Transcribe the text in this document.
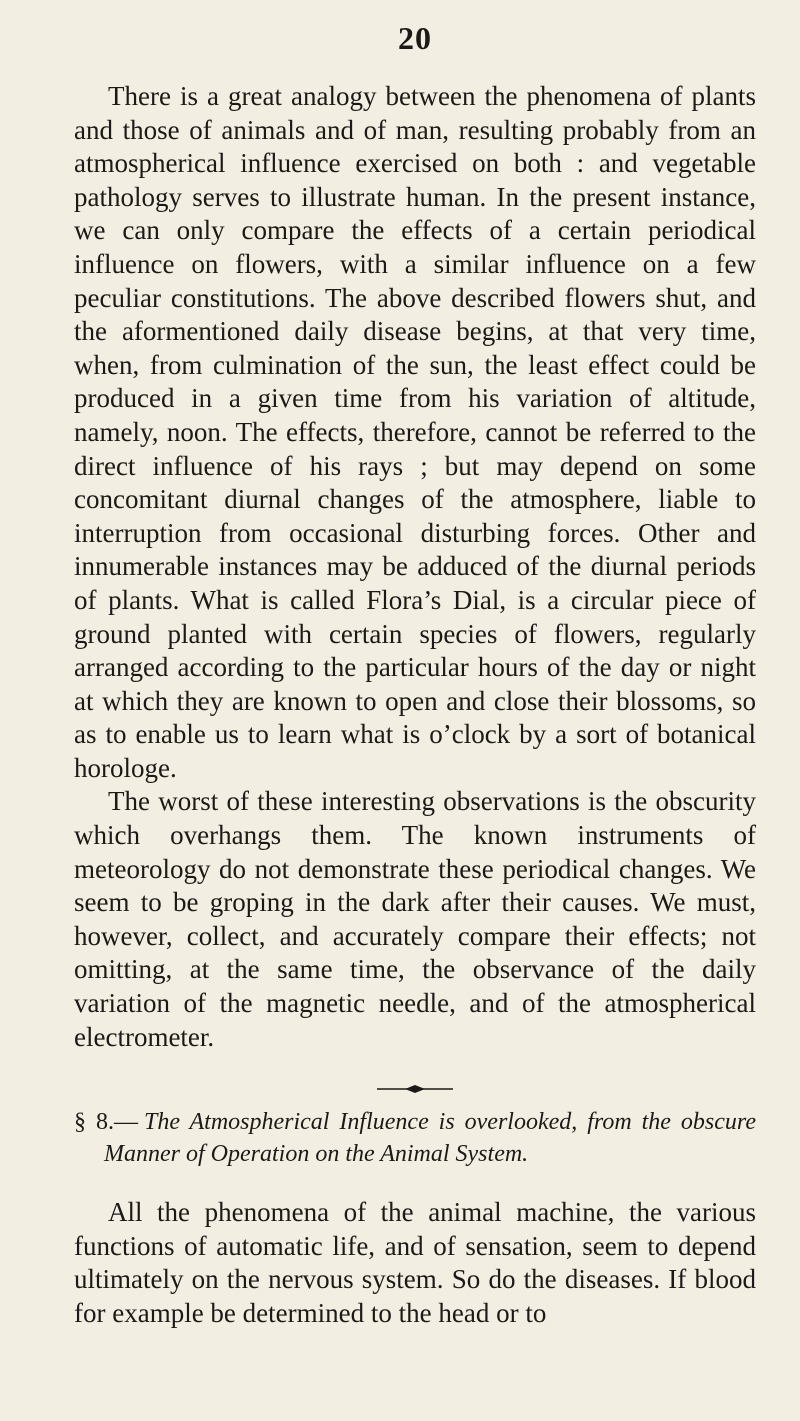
20

There is a great analogy between the phenomena of plants and those of animals and of man, resulting probably from an atmospherical influence exercised on both : and vegetable pathology serves to illustrate human. In the present instance, we can only compare the effects of a certain periodical influence on flowers, with a similar influence on a few peculiar constitutions. The above described flowers shut, and the aformentioned daily disease begins, at that very time, when, from culmination of the sun, the least effect could be produced in a given time from his variation of altitude, namely, noon. The effects, therefore, cannot be referred to the direct influence of his rays ; but may depend on some concomitant diurnal changes of the atmosphere, liable to interruption from occasional disturbing forces. Other and innumerable instances may be adduced of the diurnal periods of plants. What is called Flora’s Dial, is a circular piece of ground planted with certain species of flowers, regularly arranged according to the particular hours of the day or night at which they are known to open and close their blossoms, so as to enable us to learn what is o’clock by a sort of botanical horologe.

The worst of these interesting observations is the obscurity which overhangs them. The known instruments of meteorology do not demonstrate these periodical changes. We seem to be groping in the dark after their causes. We must, however, collect, and accurately compare their effects; not omitting, at the same time, the observance of the daily variation of the magnetic needle, and of the atmospherical electrometer.

§ 8.— The Atmospherical Influence is overlooked, from the obscure
Manner of Operation on the Animal System.

All the phenomena of the animal machine, the various functions of automatic life, and of sensation, seem to depend ultimately on the nervous system. So do the diseases. If blood for example be determined to the head or to
